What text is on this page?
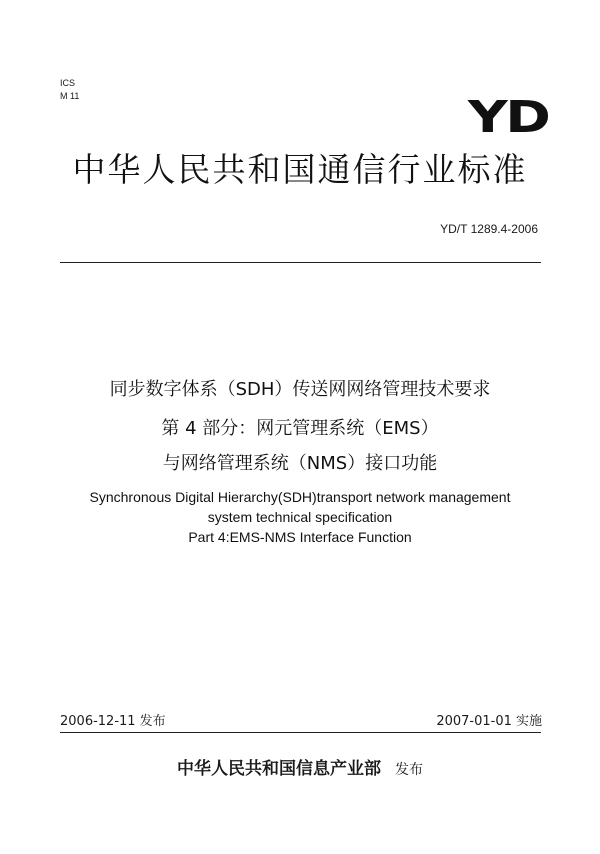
ICS
M 11	YD
中华人民共和国通信行业标准
YD/T 1289.4-2006
同步数字体系（SDH）传送网网络管理技术要求
第 4 部分：网元管理系统（EMS）
与网络管理系统（NMS）接口功能
Synchronous Digital Hierarchy(SDH)transport network management
system technical specification
Part 4:EMS-NMS Interface Function
2006-12-11 发布	2007-01-01 实施
中华人民共和国信息产业部 发布
